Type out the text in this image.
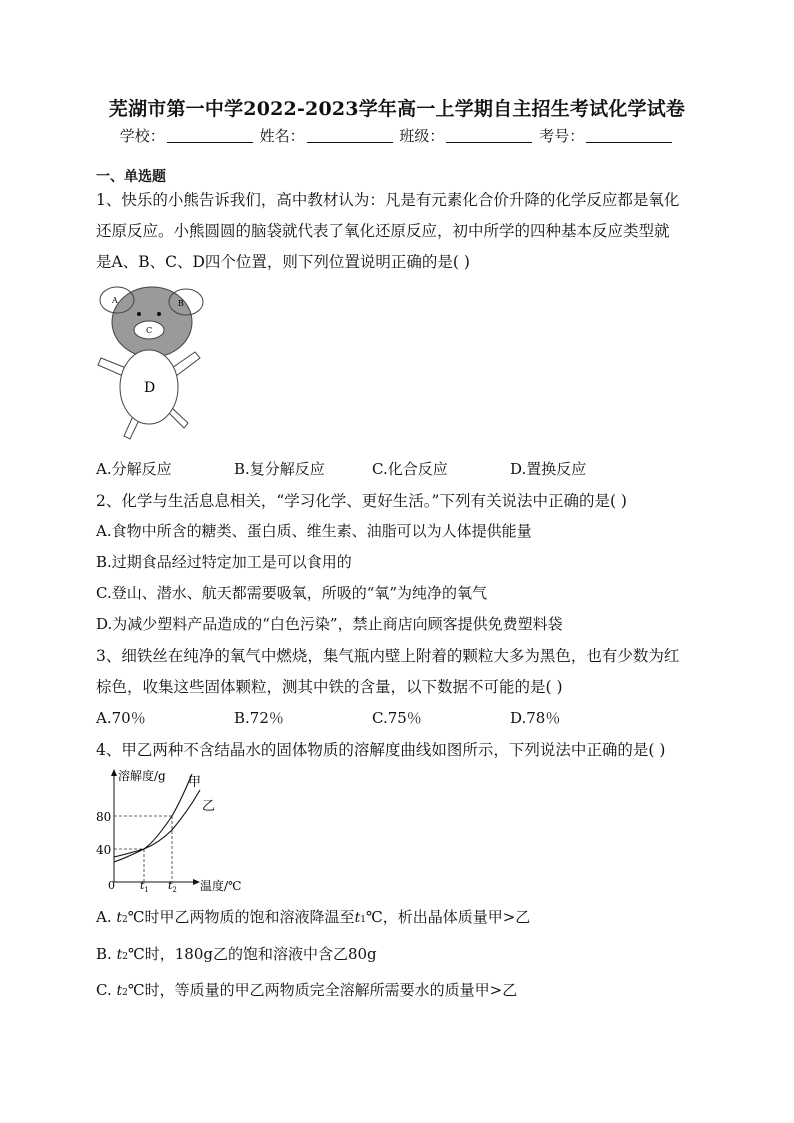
芜湖市第一中学2022-2023学年高一上学期自主招生考试化学试卷
学校：	姓名：	班级：	考号：
一、单选题
1、快乐的小熊告诉我们，高中教材认为：凡是有元素化合价升降的化学反应都是氧化
还原反应。小熊圆圆的脑袋就代表了氧化还原反应，初中所学的四种基本反应类型就
是A、B、C、D四个位置，则下列位置说明正确的是( )
A	B
C
D
A.分解反应	B.复分解反应	C.化合反应	D.置换反应
2、化学与生活息息相关，“学习化学、更好生活。”下列有关说法中正确的是( )
A.食物中所含的糖类、蛋白质、维生素、油脂可以为人体提供能量
B.过期食品经过特定加工是可以食用的
C.登山、潜水、航天都需要吸氧，所吸的“氧”为纯净的氧气
D.为减少塑料产品造成的“白色污染”，禁止商店向顾客提供免费塑料袋
3、细铁丝在纯净的氧气中燃烧，集气瓶内壁上附着的颗粒大多为黑色，也有少数为红
棕色，收集这些固体颗粒，测其中铁的含量，以下数据不可能的是( )
A.70％	B.72％	C.75％	D.78％
4、甲乙两种不含结晶水的固体物质的溶解度曲线如图所示，下列说法中正确的是( )
溶解度/g 甲
乙
80
40
0 $t_1$ $t_2$ 温度/℃
A. t2℃时甲乙两物质的饱和溶液降温至t1℃，析出晶体质量甲>乙
B. t2℃时，180g乙的饱和溶液中含乙80g
C. t2℃时，等质量的甲乙两物质完全溶解所需要水的质量甲>乙
